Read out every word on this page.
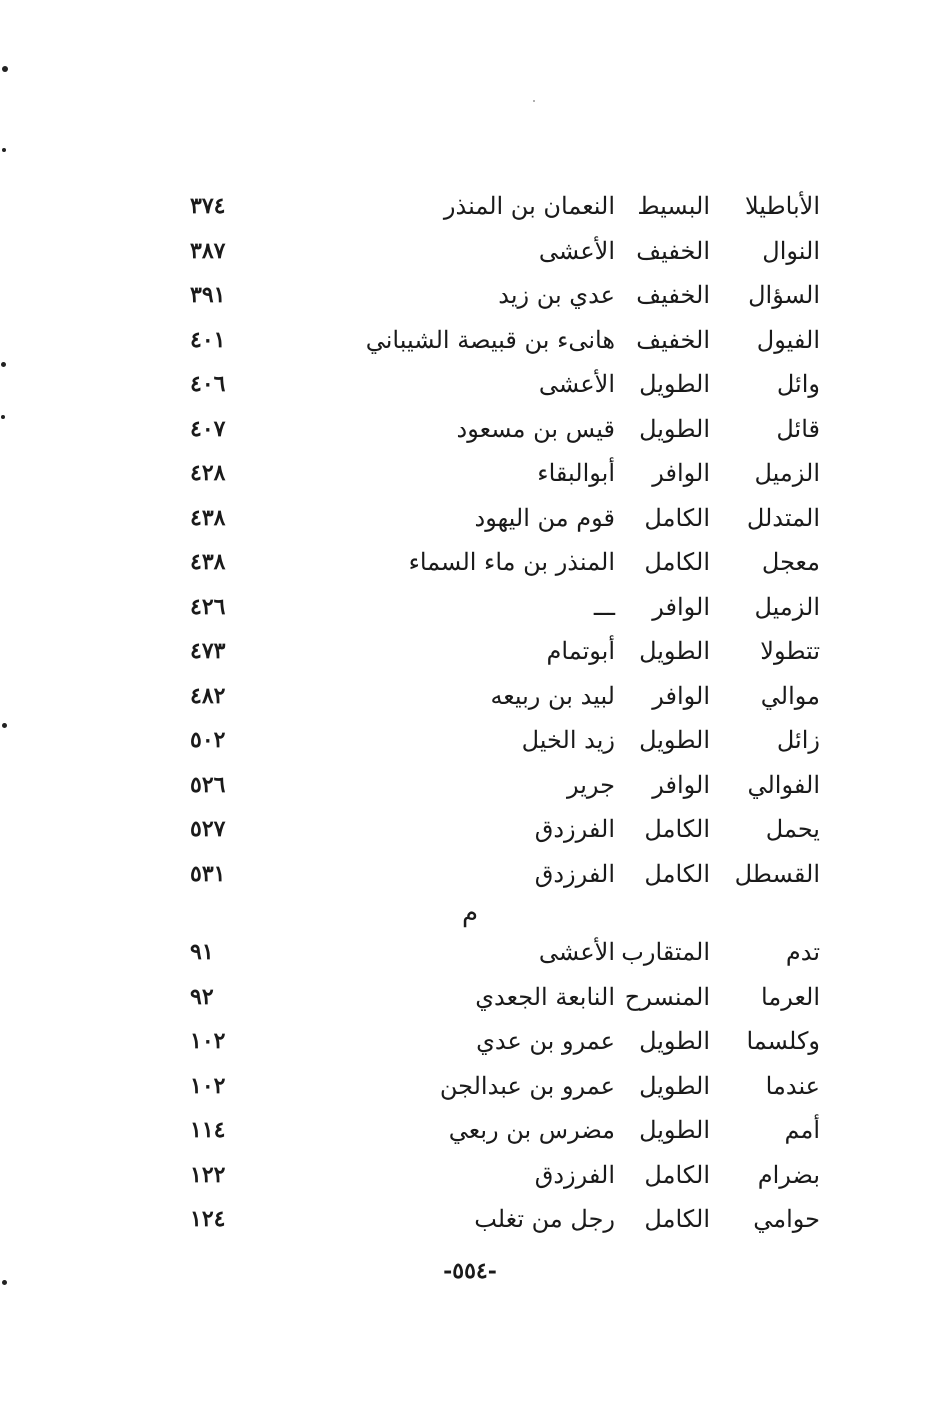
الأباطيلا
البسيط
النعمان بن المنذر
٣٧٤
النوال
الخفيف
الأعشى
٣٨٧
السؤال
الخفيف
عدي بن زيد
٣٩١
الفيول
الخفيف
هانىء بن قبيصة الشيباني
٤٠١
وائل
الطويل
الأعشى
٤٠٦
قائل
الطويل
قيس بن مسعود
٤٠٧
الزميل
الوافر
أبوالبقاء
٤٢٨
المتدلل
الكامل
قوم من اليهود
٤٣٨
معجل
الكامل
المنذر بن ماء السماء
٤٣٨
الزميل
الوافر
ـــ
٤٢٦
تتطولا
الطويل
أبوتمام
٤٧٣
موالي
الوافر
لبيد بن ربيعه
٤٨٢
زائل
الطويل
زيد الخيل
٥٠٢
الفوالي
الوافر
جرير
٥٢٦
يحمل
الكامل
الفرزدق
٥٢٧
القسطل
الكامل
الفرزدق
٥٣١
م
تدم
المتقارب
الأعشى
٩١
العرما
المنسرح
النابعة الجعدي
٩٢
وكلسما
الطويل
عمرو بن عدي
١٠٢
عندما
الطويل
عمرو بن عبدالجن
١٠٢
أمم
الطويل
مضرس بن ربعي
١١٤
بضرام
الكامل
الفرزدق
١٢٢
حوامي
الكامل
رجل من تغلب
١٢٤
-٥٥٤-
